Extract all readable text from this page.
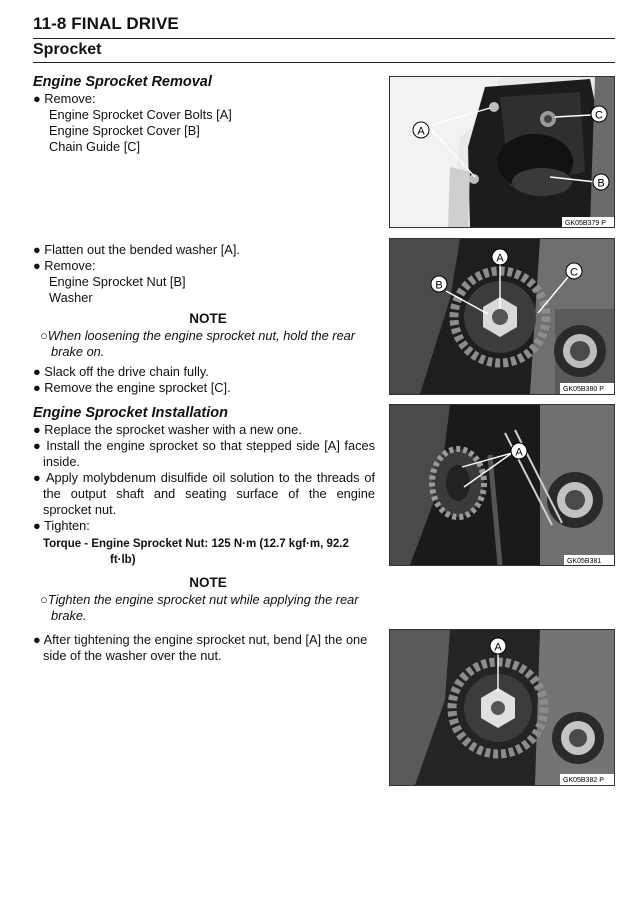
11-8 FINAL DRIVE
Sprocket
Engine Sprocket Removal
● Remove:
Engine Sprocket Cover Bolts [A]
Engine Sprocket Cover [B]
Chain Guide [C]
● Flatten out the bended washer [A].
● Remove:
Engine Sprocket Nut [B]
Washer
NOTE
○When loosening the engine sprocket nut, hold the rear brake on.
● Slack off the drive chain fully.
● Remove the engine sprocket [C].
Engine Sprocket Installation
● Replace the sprocket washer with a new one.
● Install the engine sprocket so that stepped side [A] faces inside.
● Apply molybdenum disulfide oil solution to the threads of the output shaft and seating surface of the engine sprocket nut.
● Tighten:
Torque - Engine Sprocket Nut: 125 N·m (12.7 kgf·m, 92.2
ft·lb)
NOTE
○Tighten the engine sprocket nut while applying the rear brake.
● After tightening the engine sprocket nut, bend [A] the one side of the washer over the nut.
A
C
B
GK05B379 P
A
B
C
GK05B380 P
A
GK05B381
A
GK05B382 P
